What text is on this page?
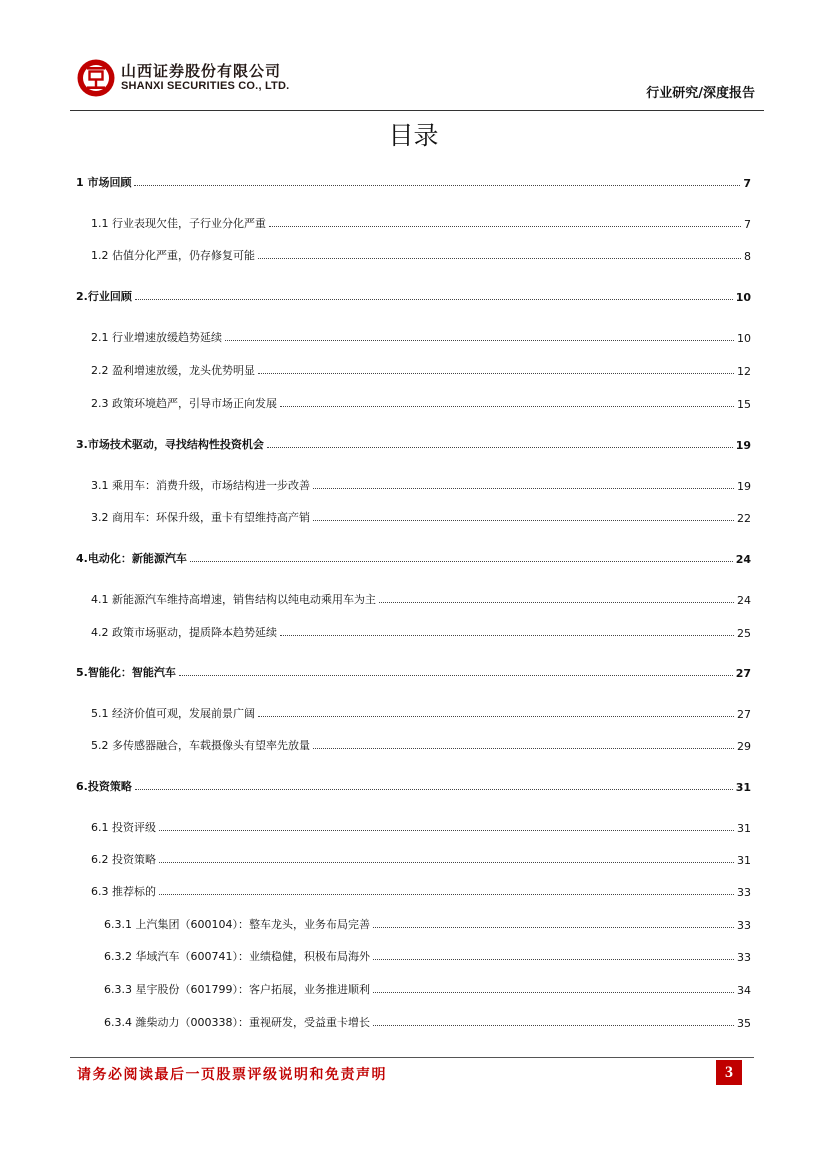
山西证券股份有限公司
SHANXI SECURITIES CO., LTD.	行业研究/深度报告
目录
1 市场回顾	7
1.1 行业表现欠佳，子行业分化严重	7
1.2 估值分化严重，仍存修复可能	8
2.行业回顾	10
2.1 行业增速放缓趋势延续	10
2.2 盈利增速放缓，龙头优势明显	12
2.3 政策环境趋严，引导市场正向发展	15
3.市场技术驱动，寻找结构性投资机会	19
3.1 乘用车：消费升级，市场结构进一步改善	19
3.2 商用车：环保升级，重卡有望维持高产销	22
4.电动化：新能源汽车	24
4.1 新能源汽车维持高增速，销售结构以纯电动乘用车为主	24
4.2 政策市场驱动，提质降本趋势延续	25
5.智能化：智能汽车	27
5.1 经济价值可观，发展前景广阔	27
5.2 多传感器融合，车载摄像头有望率先放量	29
6.投资策略	31
6.1 投资评级	31
6.2 投资策略	31
6.3 推荐标的	33
6.3.1 上汽集团（600104）：整车龙头，业务布局完善	33
6.3.2 华域汽车（600741）：业绩稳健，积极布局海外	33
6.3.3 星宇股份（601799）：客户拓展，业务推进顺利	34
6.3.4 潍柴动力（000338）：重视研发，受益重卡增长	35
请务必阅读最后一页股票评级说明和免责声明	3
